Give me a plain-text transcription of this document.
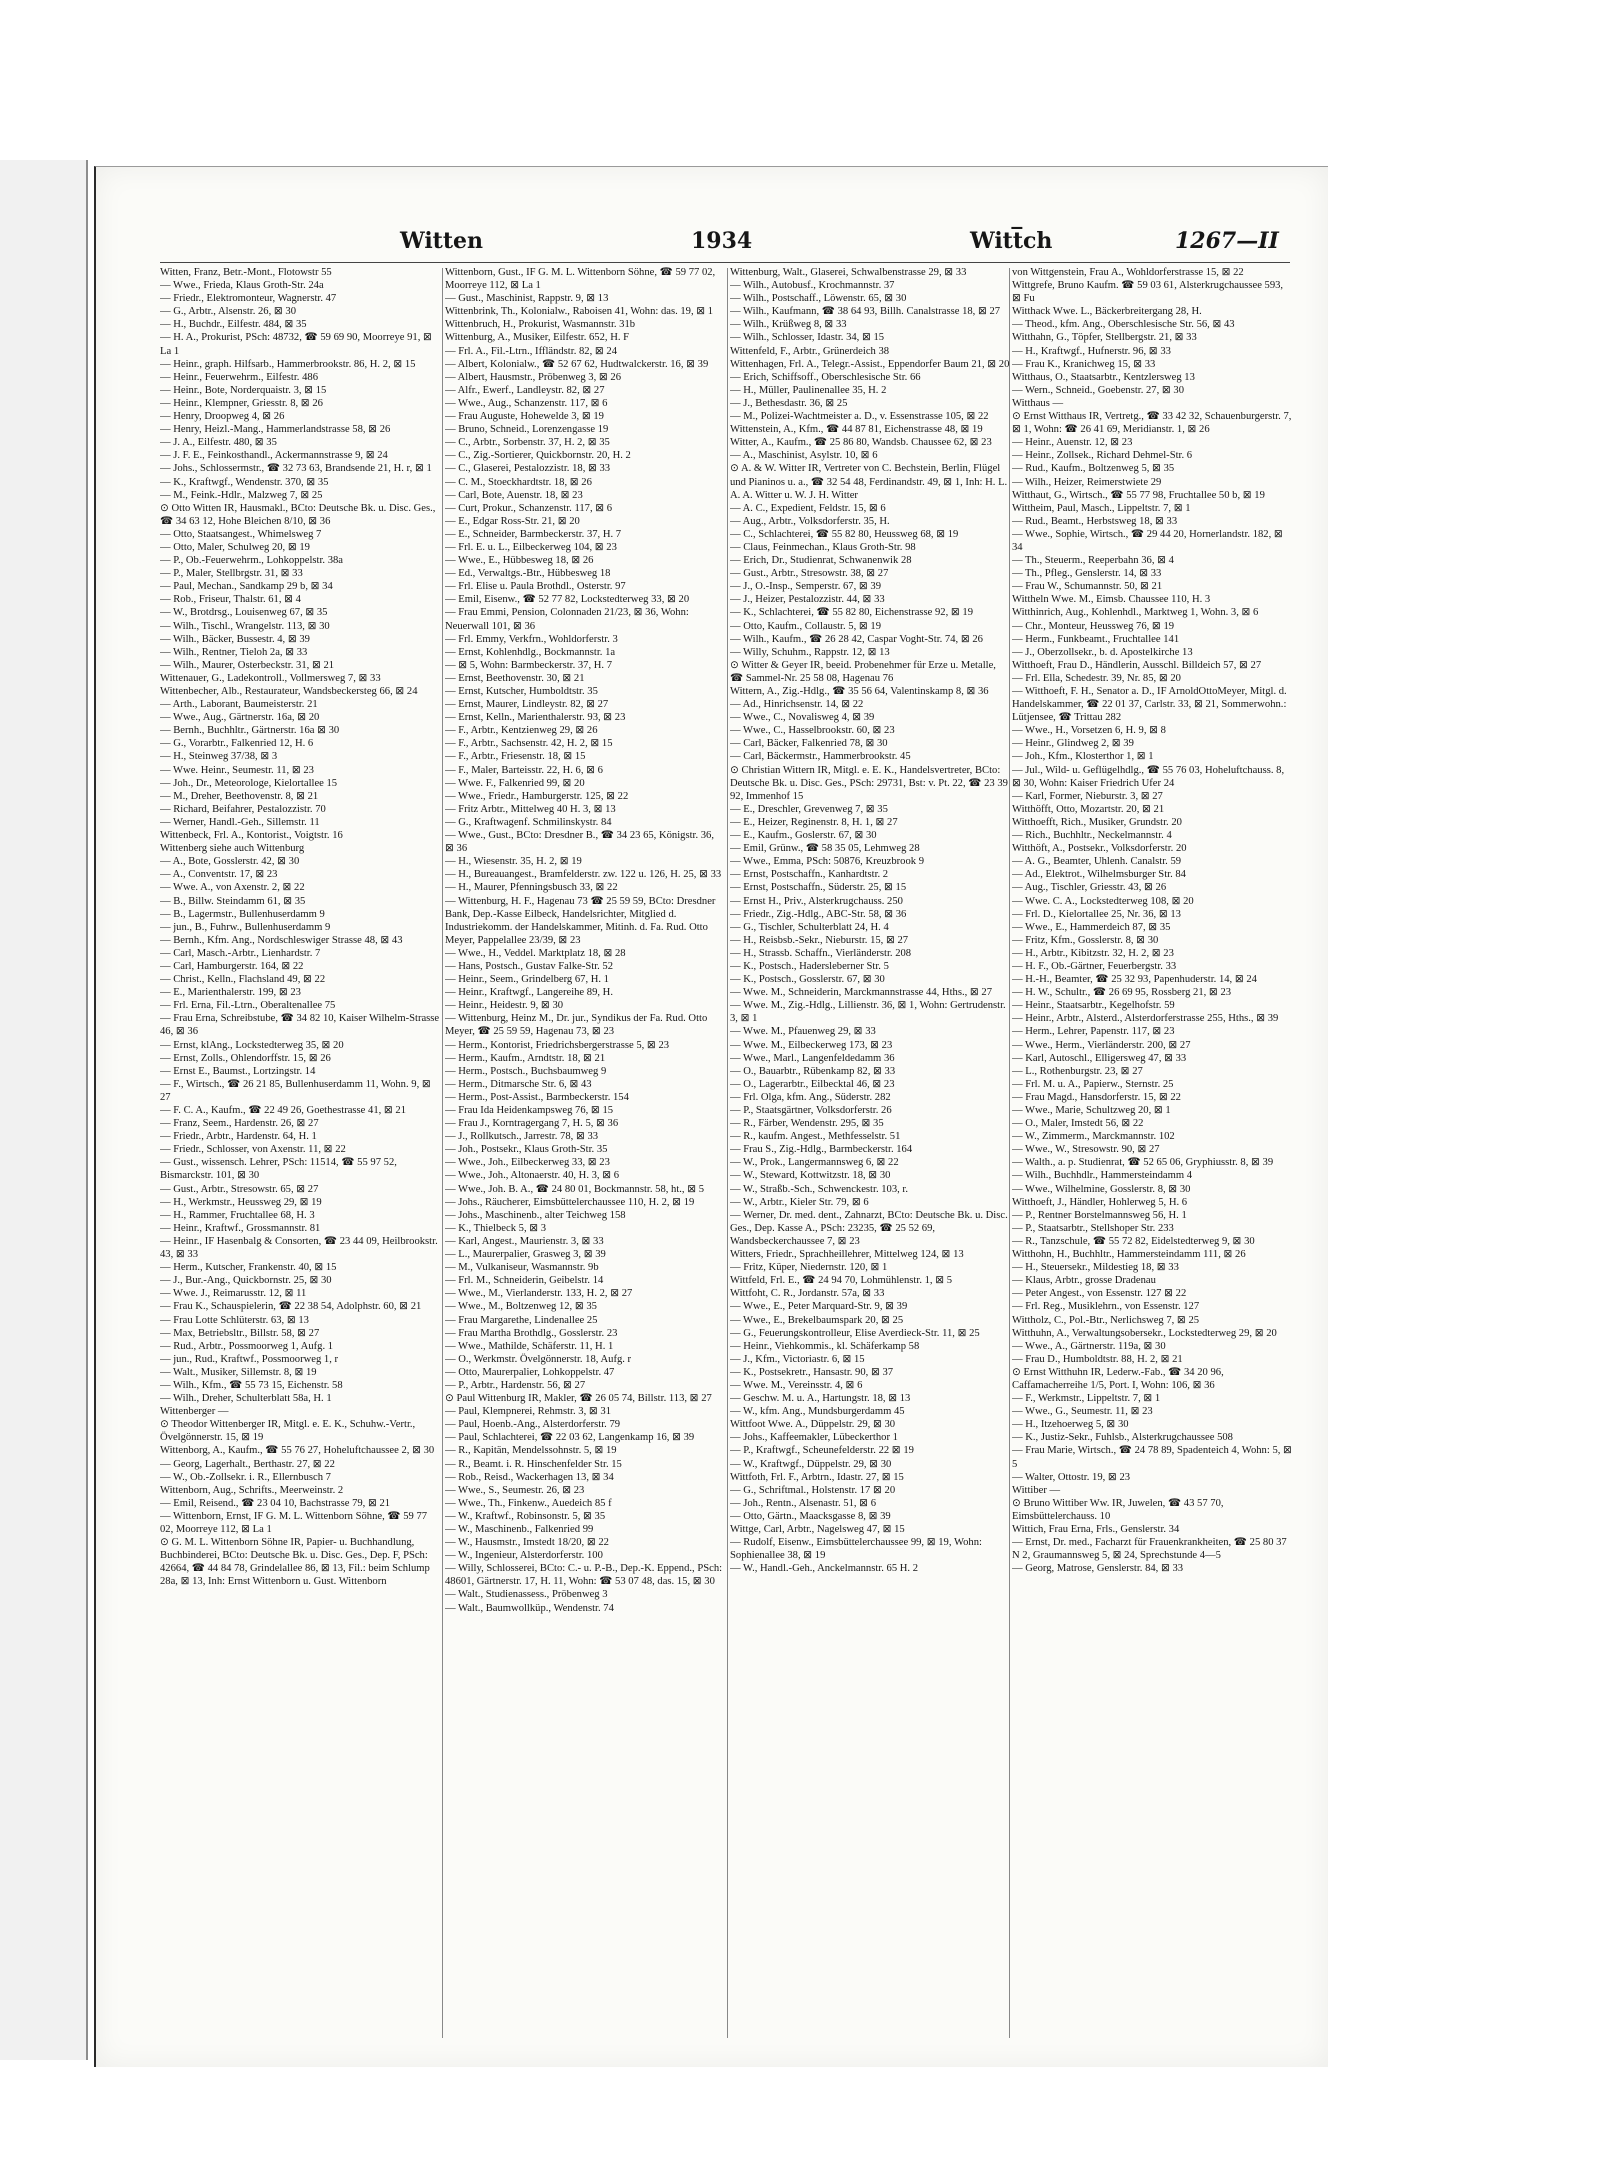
Witten	1934	Witt̅ch	1267—II
Witten, Franz, Betr.-Mont., Flotowstr 55
— Wwe., Frieda, Klaus Groth-Str. 24a
— Friedr., Elektromonteur, Wagnerstr. 47
— G., Arbtr., Alsenstr. 26, ⊠ 30
— H., Buchdr., Eilfestr. 484, ⊠ 35
— H. A., Prokurist, PSch: 48732, ☎ 59 69 90, Moorreye 91, ⊠ La 1
— Heinr., graph. Hilfsarb., Hammerbrookstr. 86, H. 2, ⊠ 15
— Heinr., Feuerwehrm., Eilfestr. 486
— Heinr., Bote, Norderquaistr. 3, ⊠ 15
— Heinr., Klempner, Griesstr. 8, ⊠ 26
— Henry, Droopweg 4, ⊠ 26
— Henry, Heizl.-Mang., Hammerlandstrasse 58, ⊠ 26
— J. A., Eilfestr. 480, ⊠ 35
— J. F. E., Feinkosthandl., Ackermannstrasse 9, ⊠ 24
— Johs., Schlossermstr., ☎ 32 73 63, Brandsende 21, H. r, ⊠ 1
— K., Kraftwgf., Wendenstr. 370, ⊠ 35
— M., Feink.-Hdlr., Malzweg 7, ⊠ 25
⊙ Otto Witten IR, Hausmakl., BCto: Deutsche Bk. u. Disc. Ges., ☎ 34 63 12, Hohe Bleichen 8/10, ⊠ 36
— Otto, Staatsangest., Whimelsweg 7
— Otto, Maler, Schulweg 20, ⊠ 19
— P., Ob.-Feuerwehrm., Lohkoppelstr. 38a
— P., Maler, Stellbrgstr. 31, ⊠ 33
— Paul, Mechan., Sandkamp 29 b, ⊠ 34
— Rob., Friseur, Thalstr. 61, ⊠ 4
— W., Brotdrsg., Louisenweg 67, ⊠ 35
— Wilh., Tischl., Wrangelstr. 113, ⊠ 30
— Wilh., Bäcker, Bussestr. 4, ⊠ 39
— Wilh., Rentner, Tieloh 2a, ⊠ 33
— Wilh., Maurer, Osterbeckstr. 31, ⊠ 21
Wittenauer, G., Ladekontroll., Vollmersweg 7, ⊠ 33
Wittenbecher, Alb., Restaurateur, Wandsbeckersteg 66, ⊠ 24
— Arth., Laborant, Baumeisterstr. 21
— Wwe., Aug., Gärtnerstr. 16a, ⊠ 20
— Bernh., Buchhltr., Gärtnerstr. 16a ⊠ 30
— G., Vorarbtr., Falkenried 12, H. 6
— H., Steinweg 37/38, ⊠ 3
— Wwe. Heinr., Seumestr. 11, ⊠ 23
— Joh., Dr., Meteorologe, Kielortallee 15
— M., Dreher, Beethovenstr. 8, ⊠ 21
— Richard, Beifahrer, Pestalozzistr. 70
— Werner, Handl.-Geh., Sillemstr. 11
Wittenbeck, Frl. A., Kontorist., Voigtstr. 16
Wittenberg siehe auch Wittenburg
— A., Bote, Gosslerstr. 42, ⊠ 30
— A., Conventstr. 17, ⊠ 23
— Wwe. A., von Axenstr. 2, ⊠ 22
— B., Billw. Steindamm 61, ⊠ 35
— B., Lagermstr., Bullenhuserdamm 9
— jun., B., Fuhrw., Bullenhuserdamm 9
— Bernh., Kfm. Ang., Nordschleswiger Strasse 48, ⊠ 43
— Carl, Masch.-Arbtr., Lienhardstr. 7
— Carl, Hamburgerstr. 164, ⊠ 22
— Christ., Kelln., Flachsland 49, ⊠ 22
— E., Marienthalerstr. 199, ⊠ 23
— Frl. Erna, Fil.-Ltrn., Oberaltenallee 75
— Frau Erna, Schreibstube, ☎ 34 82 10, Kaiser Wilhelm-Strasse 46, ⊠ 36
— Ernst, klAng., Lockstedterweg 35, ⊠ 20
— Ernst, Zolls., Ohlendorffstr. 15, ⊠ 26
— Ernst E., Baumst., Lortzingstr. 14
— F., Wirtsch., ☎ 26 21 85, Bullenhuserdamm 11, Wohn. 9, ⊠ 27
— F. C. A., Kaufm., ☎ 22 49 26, Goethestrasse 41, ⊠ 21
— Franz, Seem., Hardenstr. 26, ⊠ 27
— Friedr., Arbtr., Hardenstr. 64, H. 1
— Friedr., Schlosser, von Axenstr. 11, ⊠ 22
— Gust., wissensch. Lehrer, PSch: 11514, ☎ 55 97 52, Bismarckstr. 101, ⊠ 30
— Gust., Arbtr., Stresowstr. 65, ⊠ 27
— H., Werkmstr., Heussweg 29, ⊠ 19
— H., Rammer, Fruchtallee 68, H. 3
— Heinr., Kraftwf., Grossmannstr. 81
— Heinr., IF Hasenbalg & Consorten, ☎ 23 44 09, Heilbrookstr. 43, ⊠ 33
— Herm., Kutscher, Frankenstr. 40, ⊠ 15
— J., Bur.-Ang., Quickbornstr. 25, ⊠ 30
— Wwe. J., Reimarusstr. 12, ⊠ 11
— Frau K., Schauspielerin, ☎ 22 38 54, Adolphstr. 60, ⊠ 21
— Frau Lotte Schlüterstr. 63, ⊠ 13
— Max, Betriebsltr., Billstr. 58, ⊠ 27
— Rud., Arbtr., Possmoorweg 1, Aufg. 1
— jun., Rud., Kraftwf., Possmoorweg 1, r
— Walt., Musiker, Sillemstr. 8, ⊠ 19
— Wilh., Kfm., ☎ 55 73 15, Eichenstr. 58
— Wilh., Dreher, Schulterblatt 58a, H. 1
Wittenberger —
⊙ Theodor Wittenberger IR, Mitgl. e. E. K., Schuhw.-Vertr., Övelgönnerstr. 15, ⊠ 19
Wittenborg, A., Kaufm., ☎ 55 76 27, Hoheluftchaussee 2, ⊠ 30
— Georg, Lagerhalt., Berthastr. 27, ⊠ 22
— W., Ob.-Zollsekr. i. R., Ellernbusch 7
Wittenborn, Aug., Schrifts., Meerweinstr. 2
— Emil, Reisend., ☎ 23 04 10, Bachstrasse 79, ⊠ 21
— Wittenborn, Ernst, IF G. M. L. Wittenborn Söhne, ☎ 59 77 02, Moorreye 112, ⊠ La 1
⊙ G. M. L. Wittenborn Söhne IR, Papier- u. Buchhandlung, Buchbinderei, BCto: Deutsche Bk. u. Disc. Ges., Dep. F, PSch: 42664, ☎ 44 84 78, Grindelallee 86, ⊠ 13, Fil.: beim Schlump 28a, ⊠ 13, Inh: Ernst Wittenborn u. Gust. Wittenborn
Wittenborn, Gust., IF G. M. L. Wittenborn Söhne, ☎ 59 77 02, Moorreye 112, ⊠ La 1
— Gust., Maschinist, Rappstr. 9, ⊠ 13
Wittenbrink, Th., Kolonialw., Raboisen 41, Wohn: das. 19, ⊠ 1
Wittenbruch, H., Prokurist, Wasmannstr. 31b
Wittenburg, A., Musiker, Eilfestr. 652, H. F
— Frl. A., Fil.-Ltrn., Iffländstr. 82, ⊠ 24
— Albert, Kolonialw., ☎ 52 67 62, Hudtwalckerstr. 16, ⊠ 39
— Albert, Hausmstr., Pröbenweg 3, ⊠ 26
— Alfr., Ewerf., Landleystr. 82, ⊠ 27
— Wwe., Aug., Schanzenstr. 117, ⊠ 6
— Frau Auguste, Hohewelde 3, ⊠ 19
— Bruno, Schneid., Lorenzengasse 19
— C., Arbtr., Sorbenstr. 37, H. 2, ⊠ 35
— C., Zig.-Sortierer, Quickbornstr. 20, H. 2
— C., Glaserei, Pestalozzistr. 18, ⊠ 33
— C. M., Stoeckhardtstr. 18, ⊠ 26
— Carl, Bote, Auenstr. 18, ⊠ 23
— Curt, Prokur., Schanzenstr. 117, ⊠ 6
— E., Edgar Ross-Str. 21, ⊠ 20
— E., Schneider, Barmbeckerstr. 37, H. 7
— Frl. E. u. L., Eilbeckerweg 104, ⊠ 23
— Wwe., E., Hübbesweg 18, ⊠ 26
— Ed., Verwaltgs.-Btr., Hübbesweg 18
— Frl. Elise u. Paula Brothdl., Osterstr. 97
— Emil, Eisenw., ☎ 52 77 82, Lockstedterweg 33, ⊠ 20
— Frau Emmi, Pension, Colonnaden 21/23, ⊠ 36, Wohn: Neuerwall 101, ⊠ 36
— Frl. Emmy, Verkfrn., Wohldorferstr. 3
— Ernst, Kohlenhdlg., Bockmannstr. 1a
— ⊠ 5, Wohn: Barmbeckerstr. 37, H. 7
— Ernst, Beethovenstr. 30, ⊠ 21
— Ernst, Kutscher, Humboldtstr. 35
— Ernst, Maurer, Lindleystr. 82, ⊠ 27
— Ernst, Kelln., Marienthalerstr. 93, ⊠ 23
— F., Arbtr., Kentzienweg 29, ⊠ 26
— F., Arbtr., Sachsenstr. 42, H. 2, ⊠ 15
— F., Arbtr., Friesenstr. 18, ⊠ 15
— F., Maler, Barteisstr. 22, H. 6, ⊠ 6
— Wwe. F., Falkenried 99, ⊠ 20
— Wwe., Friedr., Hamburgerstr. 125, ⊠ 22
— Fritz Arbtr., Mittelweg 40 H. 3, ⊠ 13
— G., Kraftwagenf. Schmilinskystr. 84
— Wwe., Gust., BCto: Dresdner B., ☎ 34 23 65, Königstr. 36, ⊠ 36
— H., Wiesenstr. 35, H. 2, ⊠ 19
— H., Bureauangest., Bramfelderstr. zw. 122 u. 126, H. 25, ⊠ 33
— H., Maurer, Pfenningsbusch 33, ⊠ 22
— Wittenburg, H. F., Hagenau 73 ☎ 25 59 59, BCto: Dresdner Bank, Dep.-Kasse Eilbeck, Handelsrichter, Mitglied d. Industriekomm. der Handelskammer, Mitinh. d. Fa. Rud. Otto Meyer, Pappelallee 23/39, ⊠ 23
— Wwe., H., Veddel. Marktplatz 18, ⊠ 28
— Hans, Postsch., Gustav Falke-Str. 52
— Heinr., Seem., Grindelberg 67, H. 1
— Heinr., Kraftwgf., Langereihe 89, H.
— Heinr., Heidestr. 9, ⊠ 30
— Wittenburg, Heinz M., Dr. jur., Syndikus der Fa. Rud. Otto Meyer, ☎ 25 59 59, Hagenau 73, ⊠ 23
— Herm., Kontorist, Friedrichsbergerstrasse 5, ⊠ 23
— Herm., Kaufm., Arndtstr. 18, ⊠ 21
— Herm., Postsch., Buchsbaumweg 9
— Herm., Ditmarsche Str. 6, ⊠ 43
— Herm., Post-Assist., Barmbeckerstr. 154
— Frau Ida Heidenkampsweg 76, ⊠ 15
— Frau J., Korntragergang 7, H. 5, ⊠ 36
— J., Rollkutsch., Jarrestr. 78, ⊠ 33
— Joh., Postsekr., Klaus Groth-Str. 35
— Wwe., Joh., Eilbeckerweg 33, ⊠ 23
— Wwe., Joh., Altonaerstr. 40, H. 3, ⊠ 6
— Wwe., Joh. B. A., ☎ 24 80 01, Bockmannstr. 58, ht., ⊠ 5
— Johs., Räucherer, Eimsbüttelerchaussee 110, H. 2, ⊠ 19
— Johs., Maschinenb., alter Teichweg 158
— K., Thielbeck 5, ⊠ 3
— Karl, Angest., Maurienstr. 3, ⊠ 33
— L., Maurerpalier, Grasweg 3, ⊠ 39
— M., Vulkaniseur, Wasmannstr. 9b
— Frl. M., Schneiderin, Geibelstr. 14
— Wwe., M., Vierlanderstr. 133, H. 2, ⊠ 27
— Wwe., M., Boltzenweg 12, ⊠ 35
— Frau Margarethe, Lindenallee 25
— Frau Martha Brothdlg., Gosslerstr. 23
— Wwe., Mathilde, Schäferstr. 11, H. 1
— O., Werkmstr. Övelgönnerstr. 18, Aufg. r
— Otto, Maurerpalier, Lohkoppelstr. 47
— P., Arbtr., Hardenstr. 56, ⊠ 27
⊙ Paul Wittenburg IR, Makler, ☎ 26 05 74, Billstr. 113, ⊠ 27
— Paul, Klempnerei, Rehmstr. 3, ⊠ 31
— Paul, Hoenb.-Ang., Alsterdorferstr. 79
— Paul, Schlachterei, ☎ 22 03 62, Langenkamp 16, ⊠ 39
— R., Kapitän, Mendelssohnstr. 5, ⊠ 19
— R., Beamt. i. R. Hinschenfelder Str. 15
— Rob., Reisd., Wackerhagen 13, ⊠ 34
— Wwe., S., Seumestr. 26, ⊠ 23
— Wwe., Th., Finkenw., Auedeich 85 f
— W., Kraftwf., Robinsonstr. 5, ⊠ 35
— W., Maschinenb., Falkenried 99
— W., Hausmstr., Imstedt 18/20, ⊠ 22
— W., Ingenieur, Alsterdorferstr. 100
— Willy, Schlosserei, BCto: C.- u. P.-B., Dep.-K. Eppend., PSch: 48601, Gärtnerstr. 17, H. 11, Wohn: ☎ 53 07 48, das. 15, ⊠ 30
— Walt., Studienassess., Pröbenweg 3
— Walt., Baumwollküp., Wendenstr. 74
Wittenburg, Walt., Glaserei, Schwalbenstrasse 29, ⊠ 33
— Wilh., Autobusf., Krochmannstr. 37
— Wilh., Postschaff., Löwenstr. 65, ⊠ 30
— Wilh., Kaufmann, ☎ 38 64 93, Billh. Canalstrasse 18, ⊠ 27
— Wilh., Krüßweg 8, ⊠ 33
— Wilh., Schlosser, Idastr. 34, ⊠ 15
Wittenfeld, F., Arbtr., Grünerdeich 38
Wittenhagen, Frl. A., Telegr.-Assist., Eppendorfer Baum 21, ⊠ 20
— Erich, Schiffsoff., Oberschlesische Str. 66
— H., Müller, Paulinenallee 35, H. 2
— J., Bethesdastr. 36, ⊠ 25
— M., Polizei-Wachtmeister a. D., v. Essenstrasse 105, ⊠ 22
Wittenstein, A., Kfm., ☎ 44 87 81, Eichenstrasse 48, ⊠ 19
Witter, A., Kaufm., ☎ 25 86 80, Wandsb. Chaussee 62, ⊠ 23
— A., Maschinist, Asylstr. 10, ⊠ 6
⊙ A. & W. Witter IR, Vertreter von C. Bechstein, Berlin, Flügel und Pianinos u. a., ☎ 32 54 48, Ferdinandstr. 49, ⊠ 1, Inh: H. L. A. A. Witter u. W. J. H. Witter
— A. C., Expedient, Feldstr. 15, ⊠ 6
— Aug., Arbtr., Volksdorferstr. 35, H.
— C., Schlachterei, ☎ 55 82 80, Heussweg 68, ⊠ 19
— Claus, Feinmechan., Klaus Groth-Str. 98
— Erich, Dr., Studienrat, Schwanenwik 28
— Gust., Arbtr., Stresowstr. 38, ⊠ 27
— J., O.-Insp., Semperstr. 67, ⊠ 39
— J., Heizer, Pestalozzistr. 44, ⊠ 33
— K., Schlachterei, ☎ 55 82 80, Eichenstrasse 92, ⊠ 19
— Otto, Kaufm., Collaustr. 5, ⊠ 19
— Wilh., Kaufm., ☎ 26 28 42, Caspar Voght-Str. 74, ⊠ 26
— Willy, Schuhm., Rappstr. 12, ⊠ 13
⊙ Witter & Geyer IR, beeid. Probenehmer für Erze u. Metalle, ☎ Sammel-Nr. 25 58 08, Hagenau 76
Wittern, A., Zig.-Hdlg., ☎ 35 56 64, Valentinskamp 8, ⊠ 36
— Ad., Hinrichsenstr. 14, ⊠ 22
— Wwe., C., Novalisweg 4, ⊠ 39
— Wwe., C., Hasselbrookstr. 60, ⊠ 23
— Carl, Bäcker, Falkenried 78, ⊠ 30
— Carl, Bäckermstr., Hammerbrookstr. 45
⊙ Christian Wittern IR, Mitgl. e. E. K., Handelsvertreter, BCto: Deutsche Bk. u. Disc. Ges., PSch: 29731, Bst: v. Pt. 22, ☎ 23 39 92, Immenhof 15
— E., Dreschler, Grevenweg 7, ⊠ 35
— E., Heizer, Reginenstr. 8, H. 1, ⊠ 27
— E., Kaufm., Goslerstr. 67, ⊠ 30
— Emil, Grünw., ☎ 58 35 05, Lehmweg 28
— Wwe., Emma, PSch: 50876, Kreuzbrook 9
— Ernst, Postschaffn., Kanhardtstr. 2
— Ernst, Postschaffn., Süderstr. 25, ⊠ 15
— Ernst H., Priv., Alsterkrugchauss. 250
— Friedr., Zig.-Hdlg., ABC-Str. 58, ⊠ 36
— G., Tischler, Schulterblatt 24, H. 4
— H., Reisbsb.-Sekr., Nieburstr. 15, ⊠ 27
— H., Strassb. Schaffn., Vierländerstr. 208
— K., Postsch., Hadersleberner Str. 5
— K., Postsch., Gosslerstr. 67, ⊠ 30
— Wwe. M., Schneiderin, Marckmannstrasse 44, Hths., ⊠ 27
— Wwe. M., Zig.-Hdlg., Lillienstr. 36, ⊠ 1, Wohn: Gertrudenstr. 3, ⊠ 1
— Wwe. M., Pfauenweg 29, ⊠ 33
— Wwe. M., Eilbeckerweg 173, ⊠ 23
— Wwe., Marl., Langenfeldedamm 36
— O., Bauarbtr., Rübenkamp 82, ⊠ 33
— O., Lagerarbtr., Eilbecktal 46, ⊠ 23
— Frl. Olga, kfm. Ang., Süderstr. 282
— P., Staatsgärtner, Volksdorferstr. 26
— R., Färber, Wendenstr. 295, ⊠ 35
— R., kaufm. Angest., Methfesselstr. 51
— Frau S., Zig.-Hdlg., Barmbeckerstr. 164
— W., Prok., Langermannsweg 6, ⊠ 22
— W., Steward, Kottwitzstr. 18, ⊠ 30
— W., Straßb.-Sch., Schwenckestr. 103, r.
— W., Arbtr., Kieler Str. 79, ⊠ 6
— Werner, Dr. med. dent., Zahnarzt, BCto: Deutsche Bk. u. Disc. Ges., Dep. Kasse A., PSch: 23235, ☎ 25 52 69, Wandsbeckerchaussee 7, ⊠ 23
Witters, Friedr., Sprachheillehrer, Mittelweg 124, ⊠ 13
— Fritz, Küper, Niedernstr. 120, ⊠ 1
Wittfeld, Frl. E., ☎ 24 94 70, Lohmühlenstr. 1, ⊠ 5
Wittfoht, C. R., Jordanstr. 57a, ⊠ 33
— Wwe., E., Peter Marquard-Str. 9, ⊠ 39
— Wwe., E., Brekelbaumspark 20, ⊠ 25
— G., Feuerungskontrolleur, Elise Averdieck-Str. 11, ⊠ 25
— Heinr., Viehkommis., kl. Schäferkamp 58
— J., Kfm., Victoriastr. 6, ⊠ 15
— K., Postsekretr., Hansastr. 90, ⊠ 37
— Wwe. M., Vereinsstr. 4, ⊠ 6
— Geschw. M. u. A., Hartungstr. 18, ⊠ 13
— W., kfm. Ang., Mundsburgerdamm 45
Wittfoot Wwe. A., Düppelstr. 29, ⊠ 30
— Johs., Kaffeemakler, Lübeckerthor 1
— P., Kraftwgf., Scheunefelderstr. 22 ⊠ 19
— W., Kraftwgf., Düppelstr. 29, ⊠ 30
Wittfoth, Frl. F., Arbtrn., Idastr. 27, ⊠ 15
— G., Schriftmal., Holstenstr. 17 ⊠ 20
— Joh., Rentn., Alsenastr. 51, ⊠ 6
— Otto, Gärtn., Maacksgasse 8, ⊠ 39
Wittge, Carl, Arbtr., Nagelsweg 47, ⊠ 15
— Rudolf, Eisenw., Eimsbüttelerchaussee 99, ⊠ 19, Wohn: Sophienallee 38, ⊠ 19
— W., Handl.-Geh., Anckelmannstr. 65 H. 2
von Wittgenstein, Frau A., Wohldorferstrasse 15, ⊠ 22
Wittgrefe, Bruno Kaufm. ☎ 59 03 61, Alsterkrugchaussee 593, ⊠ Fu
Witthack Wwe. L., Bäckerbreitergang 28, H.
— Theod., kfm. Ang., Oberschlesische Str. 56, ⊠ 43
Witthahn, G., Töpfer, Stellbergstr. 21, ⊠ 33
— H., Kraftwgf., Hufnerstr. 96, ⊠ 33
— Frau K., Kranichweg 15, ⊠ 33
Witthaus, O., Staatsarbtr., Kentzlersweg 13
— Wern., Schneid., Goebenstr. 27, ⊠ 30
Witthaus —
⊙ Ernst Witthaus IR, Vertretg., ☎ 33 42 32, Schauenburgerstr. 7, ⊠ 1, Wohn: ☎ 26 41 69, Meridianstr. 1, ⊠ 26
— Heinr., Auenstr. 12, ⊠ 23
— Heinr., Zollsek., Richard Dehmel-Str. 6
— Rud., Kaufm., Boltzenweg 5, ⊠ 35
— Wilh., Heizer, Reimerstwiete 29
Witthaut, G., Wirtsch., ☎ 55 77 98, Fruchtallee 50 b, ⊠ 19
Wittheim, Paul, Masch., Lippeltstr. 7, ⊠ 1
— Rud., Beamt., Herbstsweg 18, ⊠ 33
— Wwe., Sophie, Wirtsch., ☎ 29 44 20, Hornerlandstr. 182, ⊠ 34
— Th., Steuerm., Reeperbahn 36, ⊠ 4
— Th., Pfleg., Genslerstr. 14, ⊠ 33
— Frau W., Schumannstr. 50, ⊠ 21
Wittheln Wwe. M., Eimsb. Chaussee 110, H. 3
Witthinrich, Aug., Kohlenhdl., Marktweg 1, Wohn. 3, ⊠ 6
— Chr., Monteur, Heussweg 76, ⊠ 19
— Herm., Funkbeamt., Fruchtallee 141
— J., Oberzollsekr., b. d. Apostelkirche 13
Witthoeft, Frau D., Händlerin, Ausschl. Billdeich 57, ⊠ 27
— Frl. Ella, Schedestr. 39, Nr. 85, ⊠ 20
— Witthoeft, F. H., Senator a. D., IF ArnoldOttoMeyer, Mitgl. d. Handelskammer, ☎ 22 01 37, Carlstr. 33, ⊠ 21, Sommerwohn.: Lütjensee, ☎ Trittau 282
— Wwe., H., Vorsetzen 6, H. 9, ⊠ 8
— Heinr., Glindweg 2, ⊠ 39
— Joh., Kfm., Klosterthor 1, ⊠ 1
— Jul., Wild- u. Geflügelhdlg., ☎ 55 76 03, Hoheluftchauss. 8, ⊠ 30, Wohn: Kaiser Friedrich Ufer 24
— Karl, Former, Nieburstr. 3, ⊠ 27
Witthöfft, Otto, Mozartstr. 20, ⊠ 21
Witthoefft, Rich., Musiker, Grundstr. 20
— Rich., Buchhltr., Neckelmannstr. 4
Witthöft, A., Postsekr., Volksdorferstr. 20
— A. G., Beamter, Uhlenh. Canalstr. 59
— Ad., Elektrot., Wilhelmsburger Str. 84
— Aug., Tischler, Griesstr. 43, ⊠ 26
— Wwe. C. A., Lockstedterweg 108, ⊠ 20
— Frl. D., Kielortallee 25, Nr. 36, ⊠ 13
— Wwe., E., Hammerdeich 87, ⊠ 35
— Fritz, Kfm., Gosslerstr. 8, ⊠ 30
— H., Arbtr., Kibitzstr. 32, H. 2, ⊠ 23
— H. F., Ob.-Gärtner, Feuerbergstr. 33
— H.-H., Beamter, ☎ 25 32 93, Papenhuderstr. 14, ⊠ 24
— H. W., Schultr., ☎ 26 69 95, Rossberg 21, ⊠ 23
— Heinr., Staatsarbtr., Kegelhofstr. 59
— Heinr., Arbtr., Alsterd., Alsterdorferstrasse 255, Hths., ⊠ 39
— Herm., Lehrer, Papenstr. 117, ⊠ 23
— Wwe., Herm., Vierländerstr. 200, ⊠ 27
— Karl, Autoschl., Elligersweg 47, ⊠ 33
— L., Rothenburgstr. 23, ⊠ 27
— Frl. M. u. A., Papierw., Sternstr. 25
— Frau Magd., Hansdorferstr. 15, ⊠ 22
— Wwe., Marie, Schultzweg 20, ⊠ 1
— O., Maler, Imstedt 56, ⊠ 22
— W., Zimmerm., Marckmannstr. 102
— Wwe., W., Stresowstr. 90, ⊠ 27
— Walth., a. p. Studienrat, ☎ 52 65 06, Gryphiusstr. 8, ⊠ 39
— Wilh., Buchhdlr., Hammersteindamm 4
— Wwe., Wilhelmine, Gosslerstr. 8, ⊠ 30
Witthoeft, J., Händler, Hohlerweg 5, H. 6
— P., Rentner Borstelmannsweg 56, H. 1
— P., Staatsarbtr., Stellshoper Str. 233
— R., Tanzschule, ☎ 55 72 82, Eidelstedterweg 9, ⊠ 30
Witthohn, H., Buchhltr., Hammersteindamm 111, ⊠ 26
— H., Steuersekr., Mildestieg 18, ⊠ 33
— Klaus, Arbtr., grosse Dradenau
— Peter Angest., von Essenstr. 127 ⊠ 22
— Frl. Reg., Musiklehrn., von Essenstr. 127
Wittholz, C., Pol.-Btr., Nerlichsweg 7, ⊠ 25
Witthuhn, A., Verwaltungsobersekr., Lockstedterweg 29, ⊠ 20
— Wwe., A., Gärtnerstr. 119a, ⊠ 30
— Frau D., Humboldtstr. 88, H. 2, ⊠ 21
⊙ Ernst Witthuhn IR, Lederw.-Fab., ☎ 34 20 96, Caffamacherreihe 1/5, Port. I, Wohn: 106, ⊠ 36
— F., Werkmstr., Lippeltstr. 7, ⊠ 1
— Wwe., G., Seumestr. 11, ⊠ 23
— H., Itzehoerweg 5, ⊠ 30
— K., Justiz-Sekr., Fuhlsb., Alsterkrugchaussee 508
— Frau Marie, Wirtsch., ☎ 24 78 89, Spadenteich 4, Wohn: 5, ⊠ 5
— Walter, Ottostr. 19, ⊠ 23
Wittiber —
⊙ Bruno Wittiber Ww. IR, Juwelen, ☎ 43 57 70, Eimsbüttelerchauss. 10
Wittich, Frau Erna, Frls., Genslerstr. 34
— Ernst, Dr. med., Facharzt für Frauenkrankheiten, ☎ 25 80 37 N 2, Graumannsweg 5, ⊠ 24, Sprechstunde 4—5
— Georg, Matrose, Genslerstr. 84, ⊠ 33
